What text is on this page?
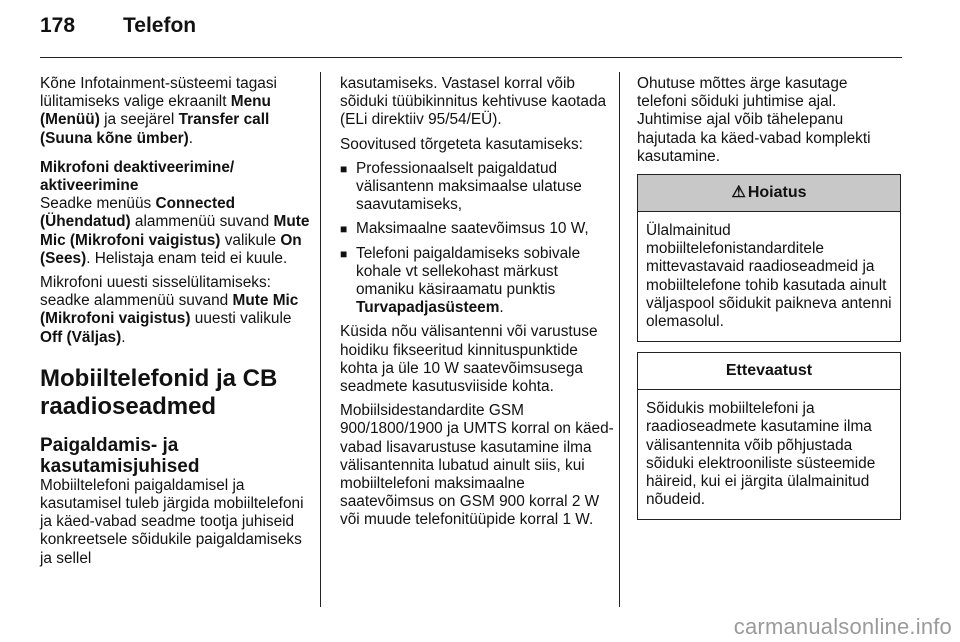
178 Telefon

Kõne Infotainment-süsteemi tagasi lülitamiseks valige ekraanilt Menu (Menüü) ja seejärel Transfer call (Suuna kõne ümber).

Mikrofoni deaktiveerimine/ aktiveerimine

Seadke menüüs Connected (Ühendatud) alammenüü suvand Mute Mic (Mikrofoni vaigistus) valikule On (Sees). Helistaja enam teid ei kuule.

Mikrofoni uuesti sisselülitamiseks: seadke alammenüü suvand Mute Mic (Mikrofoni vaigistus) uuesti valikule Off (Väljas).

Mobiiltelefonid ja CB raadioseadmed
Paigaldamis- ja kasutamisjuhised

Mobiiltelefoni paigaldamisel ja kasutamisel tuleb järgida mobiiltelefoni ja käed-vabad seadme tootja juhiseid konkreetsele sõidukile paigaldamiseks ja sellel

kasutamiseks. Vastasel korral võib sõiduki tüübikinnitus kehtivuse kaotada (ELi direktiiv 95/54/EÜ).

Soovitused tõrgeteta kasutamiseks:

■ Professionaalselt paigaldatud välisantenn maksimaalse ulatuse saavutamiseks,
■ Maksimaalne saatevõimsus 10 W,
■ Telefoni paigaldamiseks sobivale kohale vt sellekohast märkust omaniku käsiraamatu punktis Turvapadjasüsteem.

Küsida nõu välisantenni või varustuse hoidiku fikseeritud kinnituspunktide kohta ja üle 10 W saatevõimsusega seadmete kasutusviiside kohta.

Mobiilsidestandardite GSM 900/1800/1900 ja UMTS korral on käed-vabad lisavarustuse kasutamine ilma välisantennita lubatud ainult siis, kui mobiiltelefoni maksimaalne saatevõimsus on GSM 900 korral 2 W või muude telefonitüüpide korral 1 W.

Ohutuse mõttes ärge kasutage telefoni sõiduki juhtimise ajal. Juhtimise ajal võib tähelepanu hajutada ka käed-vabad komplekti kasutamine.

⚠ Hoiatus
Ülalmainitud mobiiltelefonistandarditele mittevastavaid raadioseadmeid ja mobiiltelefone tohib kasutada ainult väljaspool sõidukit paikneva antenni olemasolul.
Ettevaatust
Sõidukis mobiiltelefoni ja raadioseadmete kasutamine ilma välisantennita võib põhjustada sõiduki elektrooniliste süsteemide häireid, kui ei järgita ülalmainitud nõudeid.
carmanualsonline.info
